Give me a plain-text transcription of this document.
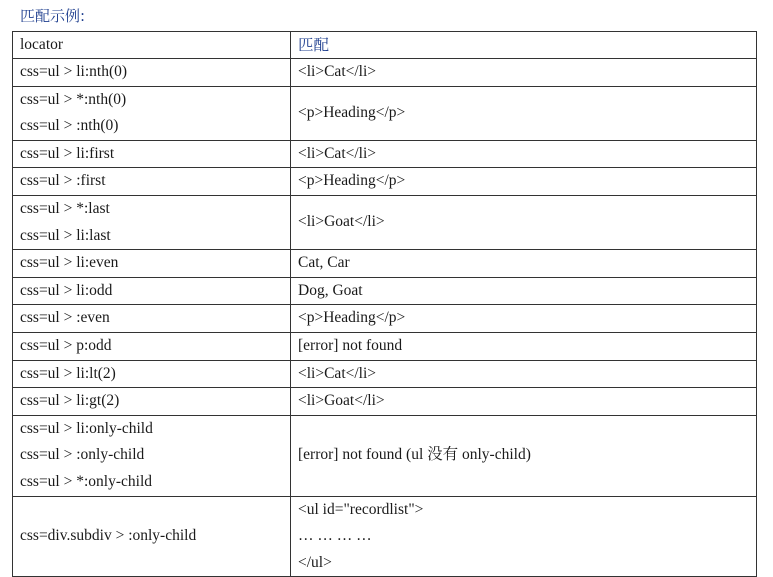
匹配示例:
locator	匹配

css=ul > li:nth(0)	<li>Cat</li>

css=ul > *:nth(0)
css=ul > :nth(0)	<p>Heading</p>

css=ul > li:first	<li>Cat</li>

css=ul > :first	<p>Heading</p>

css=ul > *:last
css=ul > li:last	<li>Goat</li>

css=ul > li:even	Cat, Car

css=ul > li:odd	Dog, Goat

css=ul > :even	<p>Heading</p>

css=ul > p:odd	[error] not found

css=ul > li:lt(2)	<li>Cat</li>

css=ul > li:gt(2)	<li>Goat</li>

css=ul > li:only-child
css=ul > :only-child
css=ul > *:only-child	[error] not found (ul 没有 only-child)

css=div.subdiv > :only-child	<ul id="recordlist">
… … … …
</ul>
